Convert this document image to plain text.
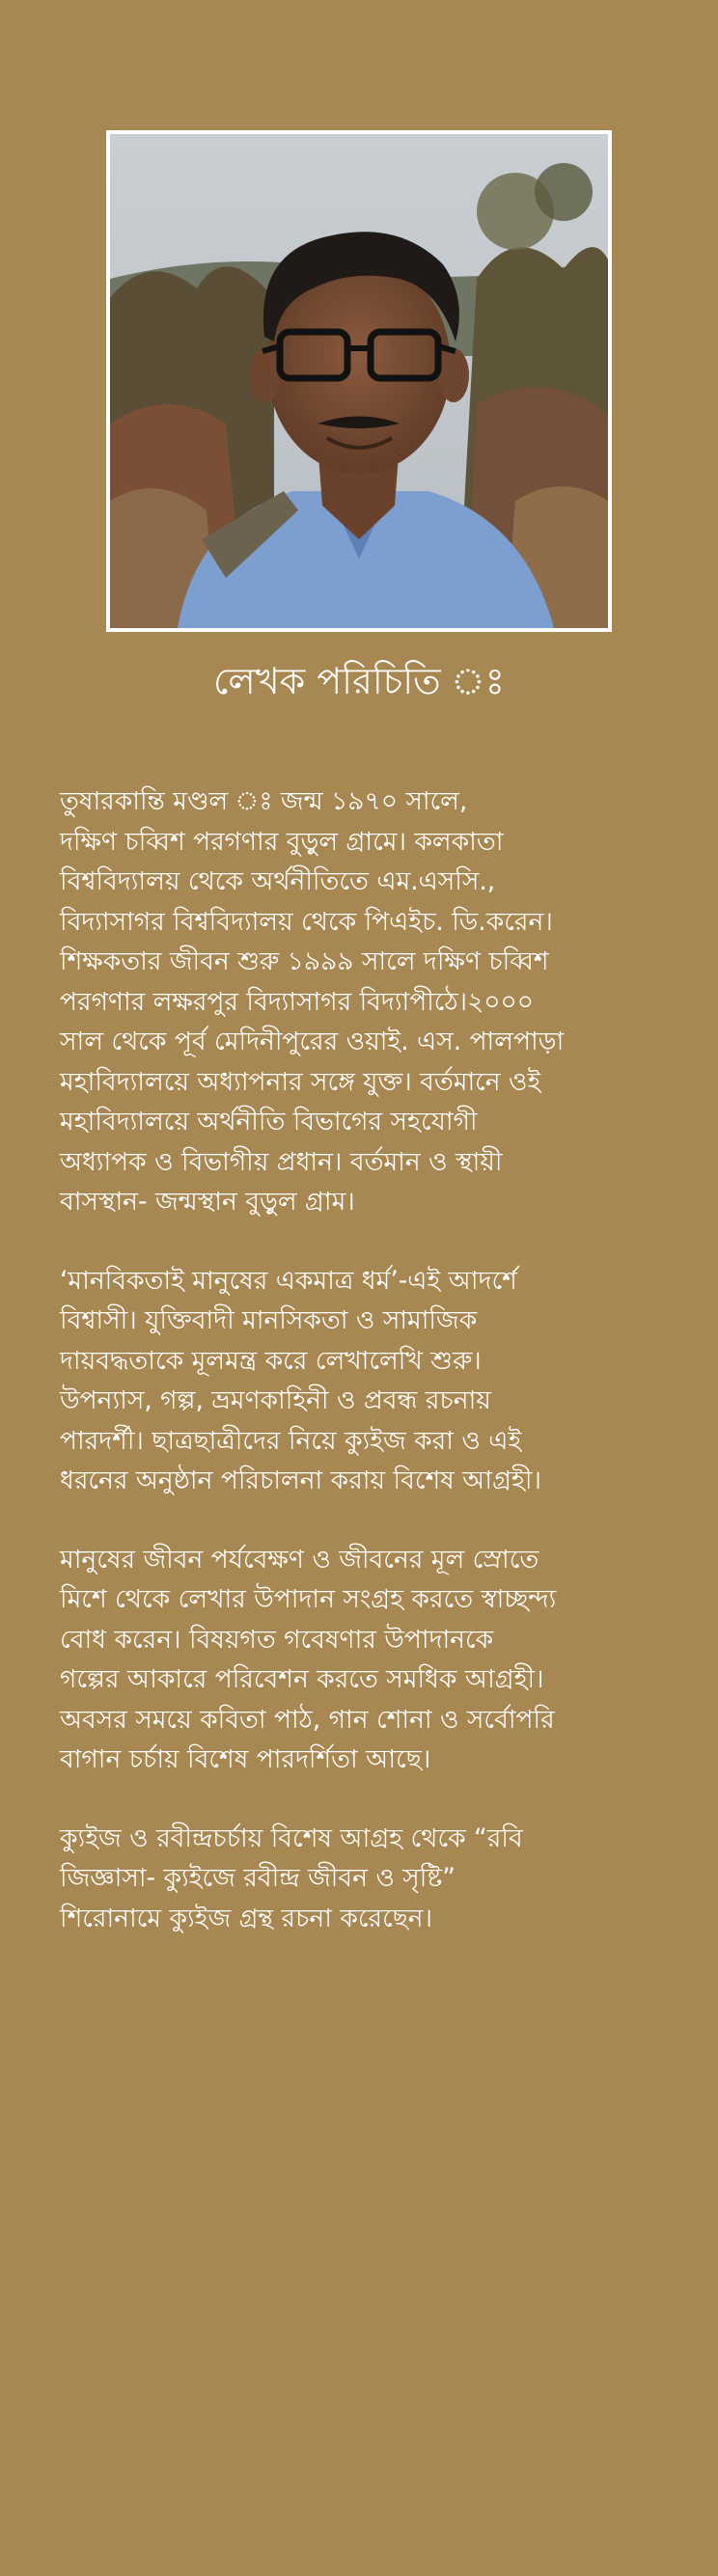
লেখক পরিচিতি ঃ

তুষারকান্তি মণ্ডল ঃ জন্ম ১৯৭০ সালে,
দক্ষিণ চব্বিশ পরগণার বুড়ুল গ্রামে। কলকাতা
বিশ্ববিদ্যালয় থেকে অর্থনীতিতে এম.এসসি.,
বিদ্যাসাগর বিশ্ববিদ্যালয় থেকে পিএইচ. ডি.করেন।
শিক্ষকতার জীবন শুরু ১৯৯৯ সালে দক্ষিণ চব্বিশ
পরগণার লক্ষরপুর বিদ্যাসাগর বিদ্যাপীঠে।২০০০
সাল থেকে পূর্ব মেদিনীপুরের ওয়াই. এস. পালপাড়া
মহাবিদ্যালয়ে অধ্যাপনার সঙ্গে যুক্ত। বর্তমানে ওই
মহাবিদ্যালয়ে অর্থনীতি বিভাগের সহযোগী
অধ্যাপক ও বিভাগীয় প্রধান। বর্তমান ও স্থায়ী
বাসস্থান- জন্মস্থান বুড়ুল গ্রাম।

‘মানবিকতাই মানুষের একমাত্র ধর্ম’-এই আদর্শে
বিশ্বাসী। যুক্তিবাদী মানসিকতা ও সামাজিক
দায়বদ্ধতাকে মূলমন্ত্র করে লেখালেখি শুরু।
উপন্যাস, গল্প, ভ্রমণকাহিনী ও প্রবন্ধ রচনায়
পারদর্শী। ছাত্রছাত্রীদের নিয়ে ক্যুইজ করা ও এই
ধরনের অনুষ্ঠান পরিচালনা করায় বিশেষ আগ্রহী।

মানুষের জীবন পর্যবেক্ষণ ও জীবনের মূল স্রোতে
মিশে থেকে লেখার উপাদান সংগ্রহ করতে স্বাচ্ছন্দ্য
বোধ করেন। বিষয়গত গবেষণার উপাদানকে
গল্পের আকারে পরিবেশন করতে সমধিক আগ্রহী।
অবসর সময়ে কবিতা পাঠ, গান শোনা ও সর্বোপরি
বাগান চর্চায় বিশেষ পারদর্শিতা আছে।

ক্যুইজ ও রবীন্দ্রচর্চায় বিশেষ আগ্রহ থেকে “রবি
জিজ্ঞাসা- ক্যুইজে রবীন্দ্র জীবন ও সৃষ্টি”
শিরোনামে ক্যুইজ গ্রন্থ রচনা করেছেন।
